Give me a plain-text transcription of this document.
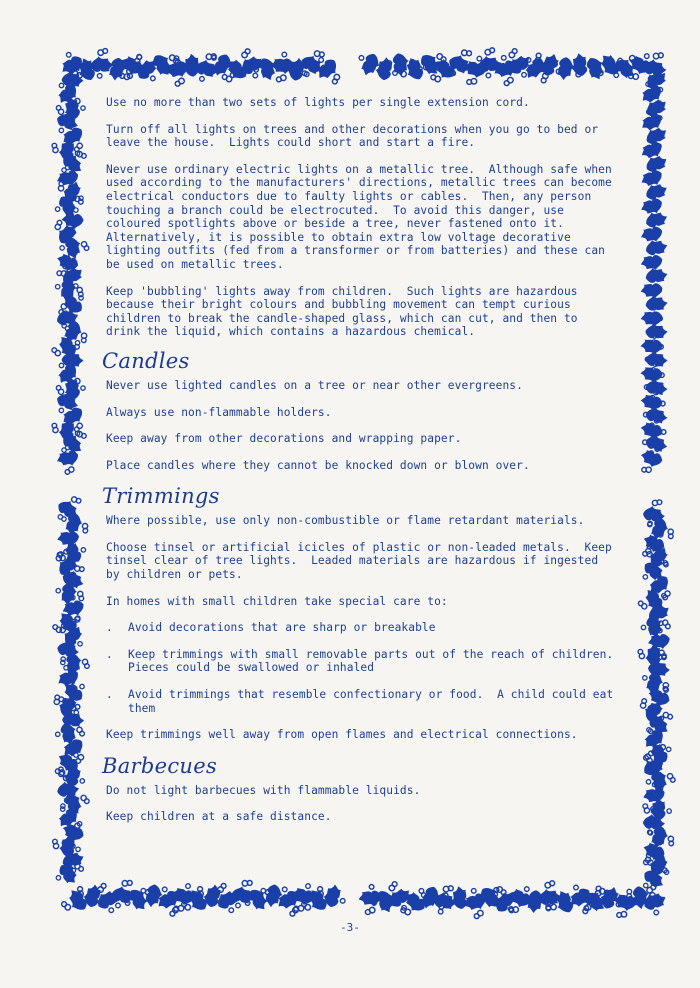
Use no more than two sets of lights per single extension cord.

Turn off all lights on trees and other decorations when you go to bed or
leave the house.  Lights could short and start a fire.

Never use ordinary electric lights on a metallic tree.  Although safe when
used according to the manufacturers' directions, metallic trees can become
electrical conductors due to faulty lights or cables.  Then, any person
touching a branch could be electrocuted.  To avoid this danger, use
coloured spotlights above or beside a tree, never fastened onto it.
Alternatively, it is possible to obtain extra low voltage decorative
lighting outfits (fed from a transformer or from batteries) and these can
be used on metallic trees.

Keep 'bubbling' lights away from children.  Such lights are hazardous
because their bright colours and bubbling movement can tempt curious
children to break the candle-shaped glass, which can cut, and then to
drink the liquid, which contains a hazardous chemical.

Candles

Never use lighted candles on a tree or near other evergreens.

Always use non-flammable holders.

Keep away from other decorations and wrapping paper.

Place candles where they cannot be knocked down or blown over.

Trimmings

Where possible, use only non-combustible or flame retardant materials.

Choose tinsel or artificial icicles of plastic or non-leaded metals.  Keep
tinsel clear of tree lights.  Leaded materials are hazardous if ingested
by children or pets.

In homes with small children take special care to:

.	Avoid decorations that are sharp or breakable
.	Keep trimmings with small removable parts out of the reach of children.
Pieces could be swallowed or inhaled
.	Avoid trimmings that resemble confectionary or food.  A child could eat
them

Keep trimmings well away from open flames and electrical connections.

Barbecues

Do not light barbecues with flammable liquids.

Keep children at a safe distance.

-3-
